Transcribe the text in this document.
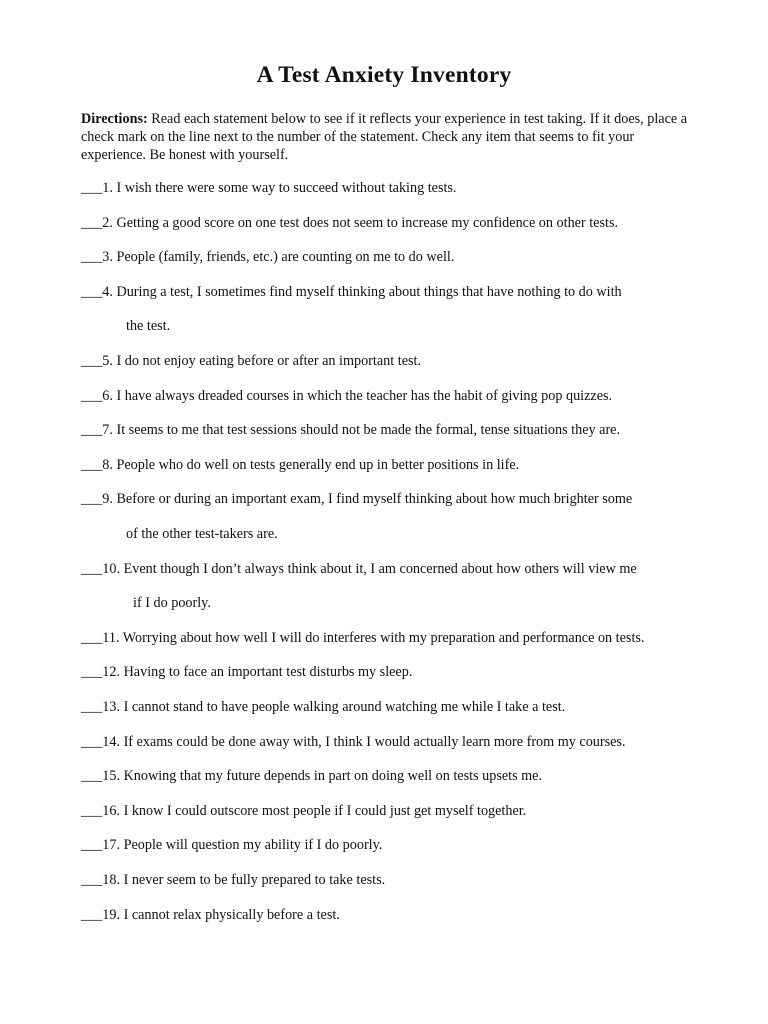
A Test Anxiety Inventory
Directions: Read each statement below to see if it reflects your experience in test taking. If it does, place a check mark on the line next to the number of the statement. Check any item that seems to fit your experience. Be honest with yourself.
___1. I wish there were some way to succeed without taking tests.
___2. Getting a good score on one test does not seem to increase my confidence on other tests.
___3. People (family, friends, etc.) are counting on me to do well.
___4. During a test, I sometimes find myself thinking about things that have nothing to do with
the test.
___5. I do not enjoy eating before or after an important test.
___6. I have always dreaded courses in which the teacher has the habit of giving pop quizzes.
___7. It seems to me that test sessions should not be made the formal, tense situations they are.
___8. People who do well on tests generally end up in better positions in life.
___9. Before or during an important exam, I find myself thinking about how much brighter some
of the other test-takers are.
___10. Event though I don’t always think about it, I am concerned about how others will view me
if I do poorly.
___11. Worrying about how well I will do interferes with my preparation and performance on tests.
___12. Having to face an important test disturbs my sleep.
___13. I cannot stand to have people walking around watching me while I take a test.
___14. If exams could be done away with, I think I would actually learn more from my courses.
___15. Knowing that my future depends in part on doing well on tests upsets me.
___16. I know I could outscore most people if I could just get myself together.
___17. People will question my ability if I do poorly.
___18. I never seem to be fully prepared to take tests.
___19. I cannot relax physically before a test.
